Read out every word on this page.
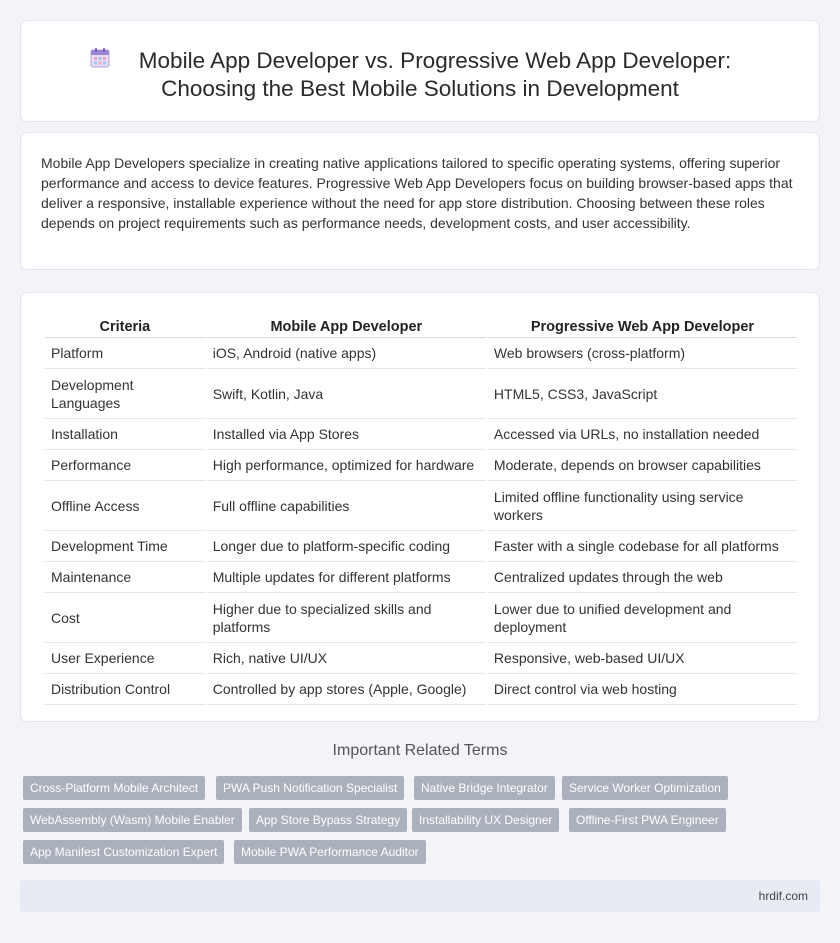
Mobile App Developer vs. Progressive Web App Developer:
Choosing the Best Mobile Solutions in Development

Mobile App Developers specialize in creating native applications tailored to specific operating systems, offering superior performance and access to device features. Progressive Web App Developers focus on building browser-based apps that deliver a responsive, installable experience without the need for app store distribution. Choosing between these roles depends on project requirements such as performance needs, development costs, and user accessibility.

Criteria	Mobile App Developer	Progressive Web App Developer
Platform	iOS, Android (native apps)	Web browsers (cross-platform)
Development Languages	Swift, Kotlin, Java	HTML5, CSS3, JavaScript
Installation	Installed via App Stores	Accessed via URLs, no installation needed
Performance	High performance, optimized for hardware	Moderate, depends on browser capabilities
Offline Access	Full offline capabilities	Limited offline functionality using service workers
Development Time	Longer due to platform-specific coding	Faster with a single codebase for all platforms
Maintenance	Multiple updates for different platforms	Centralized updates through the web
Cost	Higher due to specialized skills and platforms	Lower due to unified development and deployment
User Experience	Rich, native UI/UX	Responsive, web-based UI/UX
Distribution Control	Controlled by app stores (Apple, Google)	Direct control via web hosting
Important Related Terms
Cross-Platform Mobile Architect	PWA Push Notification Specialist	Native Bridge Integrator	Service Worker Optimization
WebAssembly (Wasm) Mobile Enabler	App Store Bypass Strategy	Installability UX Designer	Offline-First PWA Engineer
App Manifest Customization Expert	Mobile PWA Performance Auditor
hrdif.com
